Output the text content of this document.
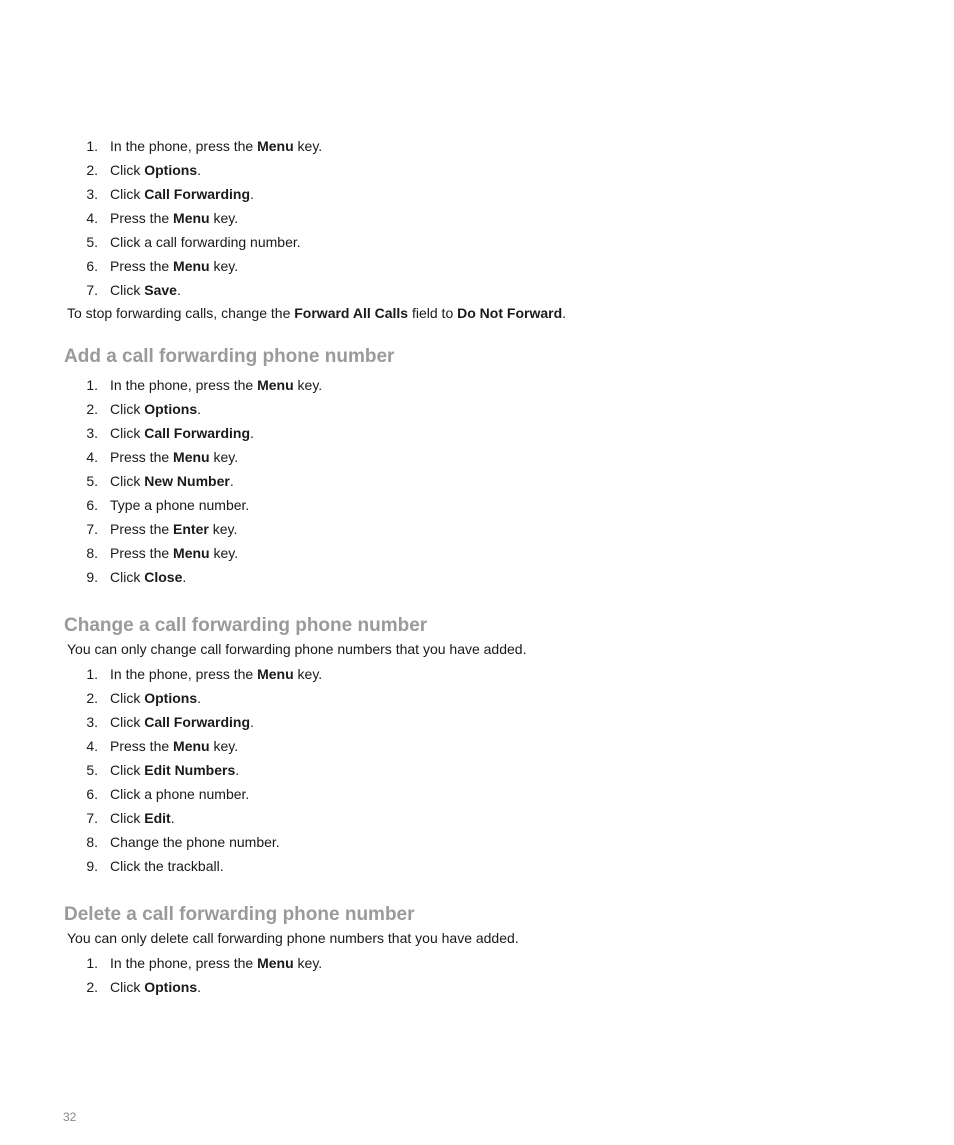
1. In the phone, press the Menu key.
2. Click Options.
3. Click Call Forwarding.
4. Press the Menu key.
5. Click a call forwarding number.
6. Press the Menu key.
7. Click Save.

To stop forwarding calls, change the Forward All Calls field to Do Not Forward.

Add a call forwarding phone number
1. In the phone, press the Menu key.
2. Click Options.
3. Click Call Forwarding.
4. Press the Menu key.
5. Click New Number.
6. Type a phone number.
7. Press the Enter key.
8. Press the Menu key.
9. Click Close.
Change a call forwarding phone number

You can only change call forwarding phone numbers that you have added.

1. In the phone, press the Menu key.
2. Click Options.
3. Click Call Forwarding.
4. Press the Menu key.
5. Click Edit Numbers.
6. Click a phone number.
7. Click Edit.
8. Change the phone number.
9. Click the trackball.
Delete a call forwarding phone number

You can only delete call forwarding phone numbers that you have added.

1. In the phone, press the Menu key.
2. Click Options.
32
